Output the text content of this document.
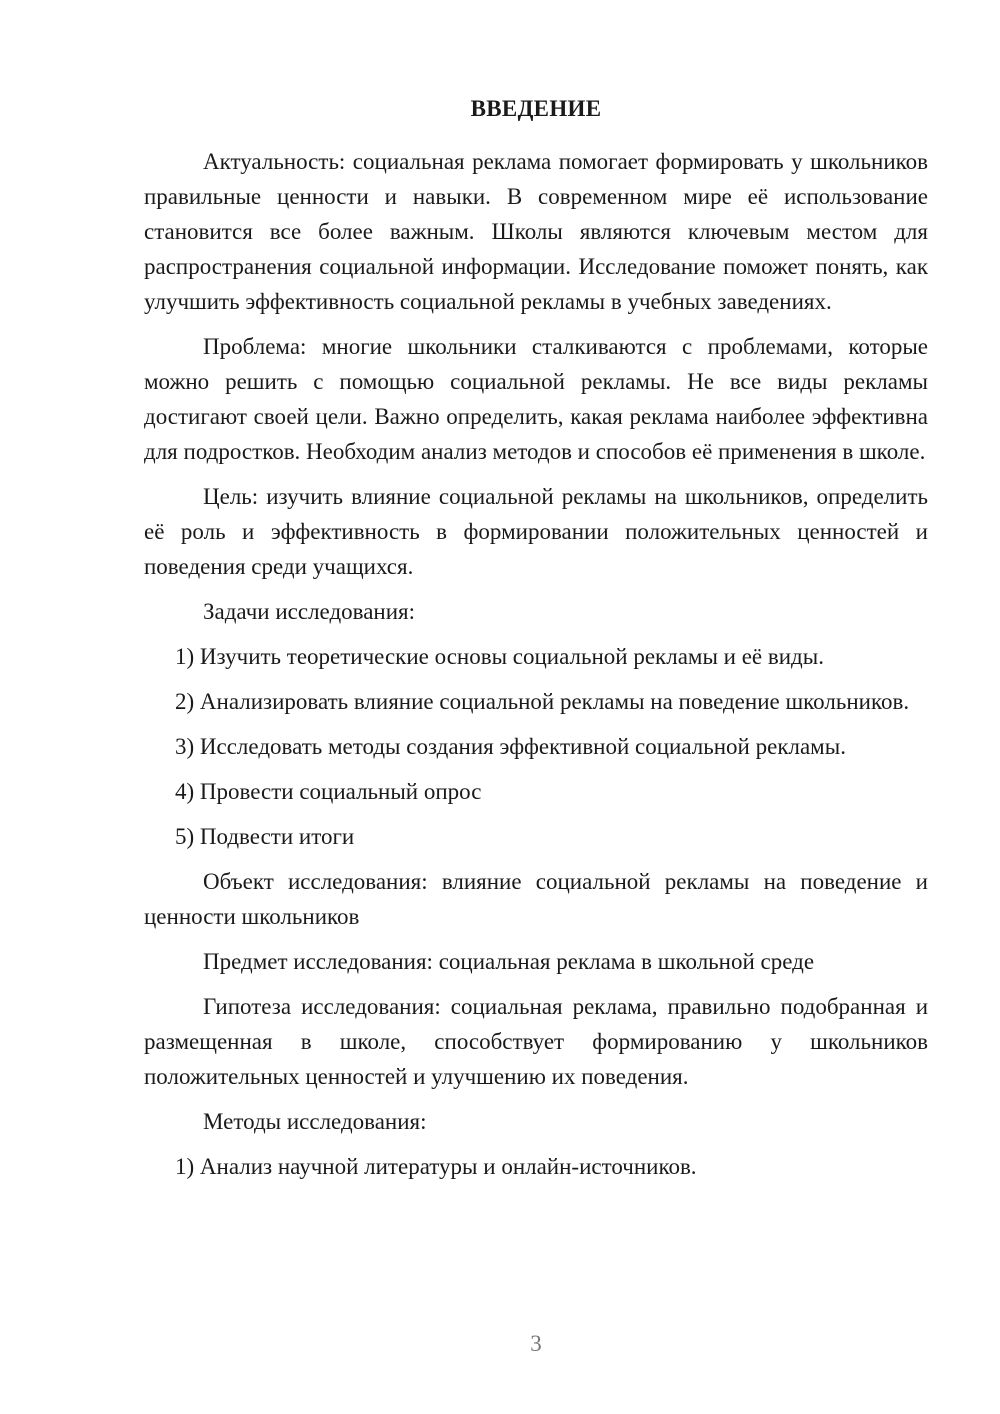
ВВЕДЕНИЕ

Актуальность: социальная реклама помогает формировать у школьников правильные ценности и навыки. В современном мире её использование становится все более важным. Школы являются ключевым местом для распространения социальной информации. Исследование поможет понять, как улучшить эффективность социальной рекламы в учебных заведениях.

Проблема: многие школьники сталкиваются с проблемами, которые можно решить с помощью социальной рекламы. Не все виды рекламы достигают своей цели. Важно определить, какая реклама наиболее эффективна для подростков. Необходим анализ методов и способов её применения в школе.

Цель: изучить влияние социальной рекламы на школьников, определить её роль и эффективность в формировании положительных ценностей и поведения среди учащихся.

Задачи исследования:

1) Изучить теоретические основы социальной рекламы и её виды.

2) Анализировать влияние социальной рекламы на поведение школьников.

3) Исследовать методы создания эффективной социальной рекламы.

4) Провести социальный опрос

5) Подвести итоги

Объект исследования: влияние социальной рекламы на поведение и ценности школьников

Предмет исследования: социальная реклама в школьной среде

Гипотеза исследования: социальная реклама, правильно подобранная и размещенная в школе, способствует формированию у школьников положительных ценностей и улучшению их поведения.

Методы исследования:

1) Анализ научной литературы и онлайн-источников.

3
